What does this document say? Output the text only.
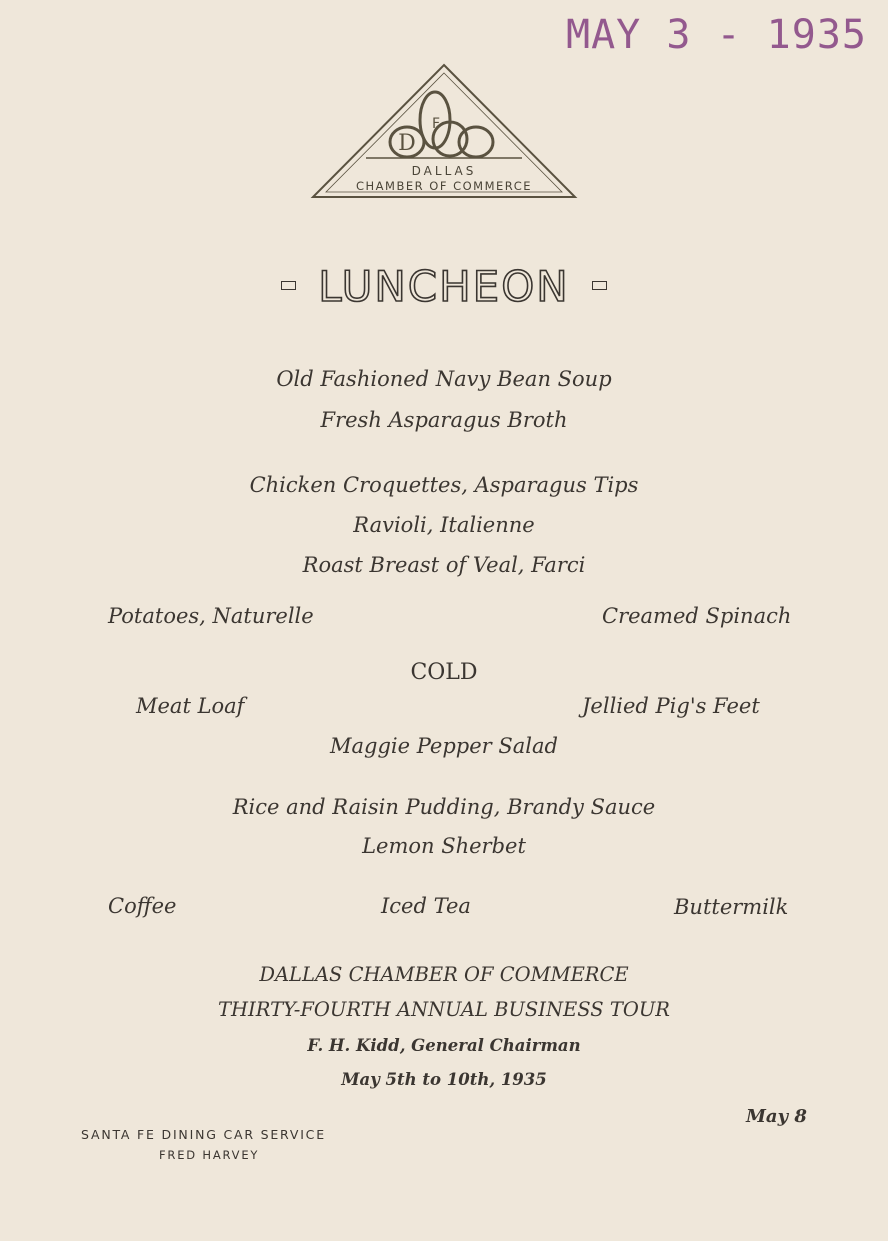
MAY 3 - 1935
D
F
DALLAS
CHAMBER OF COMMERCE
LUNCHEON
Old Fashioned Navy Bean Soup
Fresh Asparagus Broth
Chicken Croquettes, Asparagus Tips
Ravioli, Italienne
Roast Breast of Veal, Farci
Potatoes, Naturelle	Creamed Spinach
COLD
Meat Loaf	Jellied Pig's Feet
Maggie Pepper Salad
Rice and Raisin Pudding, Brandy Sauce
Lemon Sherbet
Coffee	Iced Tea	Buttermilk
DALLAS CHAMBER OF COMMERCE
THIRTY-FOURTH ANNUAL BUSINESS TOUR
F. H. Kidd, General Chairman
May 5th to 10th, 1935
May 8
SANTA FE DINING CAR SERVICE
FRED HARVEY
